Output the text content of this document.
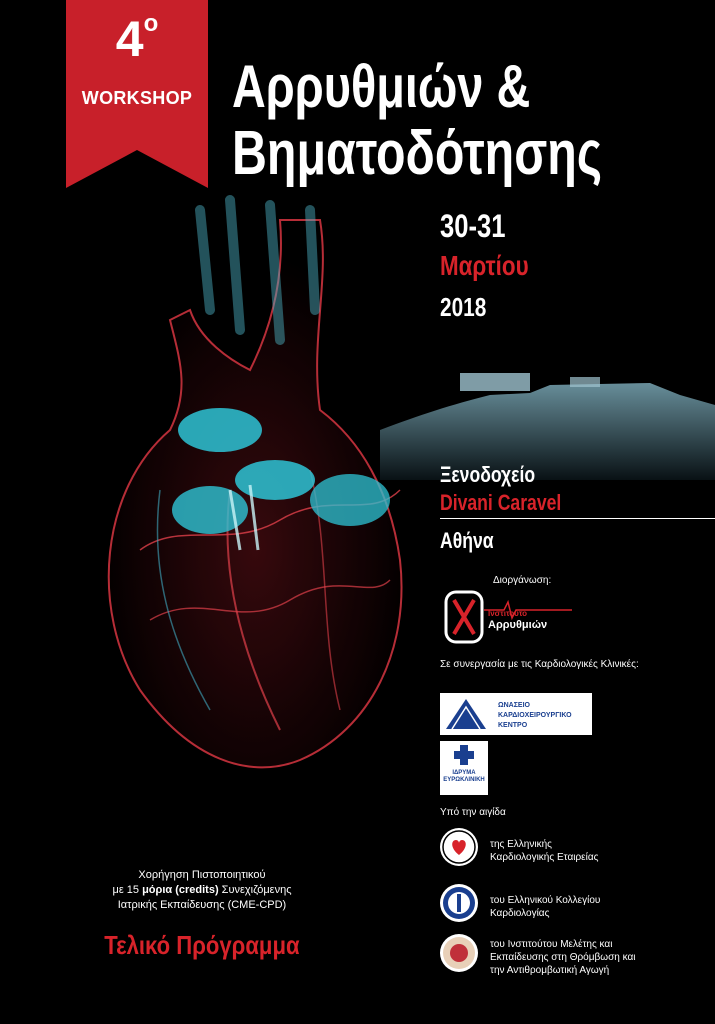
$4^o$
WORKSHOP Αρρυθμιών &
Βηματοδότησης
30-31
Μαρτίου
2018
Ξενοδοχείο
Divani Caravel
Αθήνα
Διοργάνωση:
Ινστιτούτο
Αρρυθμιών
Σε συνεργασία με τις Καρδιολογικές Κλινικές:
ΩΝΑΣΕΙΟ ΚΑΡΔΙΟΧΕΙΡΟΥΡΓΙΚΟ ΚΕΝΤΡΟ
ΙΔΡΥΜΑ ΕΥΡΩΚΛΙΝΙΚΗ
Υπό την αιγίδα
της Ελληνικής Καρδιολογικής Εταιρείας
του Ελληνικού Κολλεγίου Καρδιολογίας
του Ινστιτούτου Μελέτης και Εκπαίδευσης στη Θρόμβωση και την Αντιθρομβωτική Αγωγή
Χορήγηση Πιστοποιητικού
με 15 μόρια (credits) Συνεχιζόμενης
Ιατρικής Εκπαίδευσης (CME-CPD)
Τελικό Πρόγραμμα
